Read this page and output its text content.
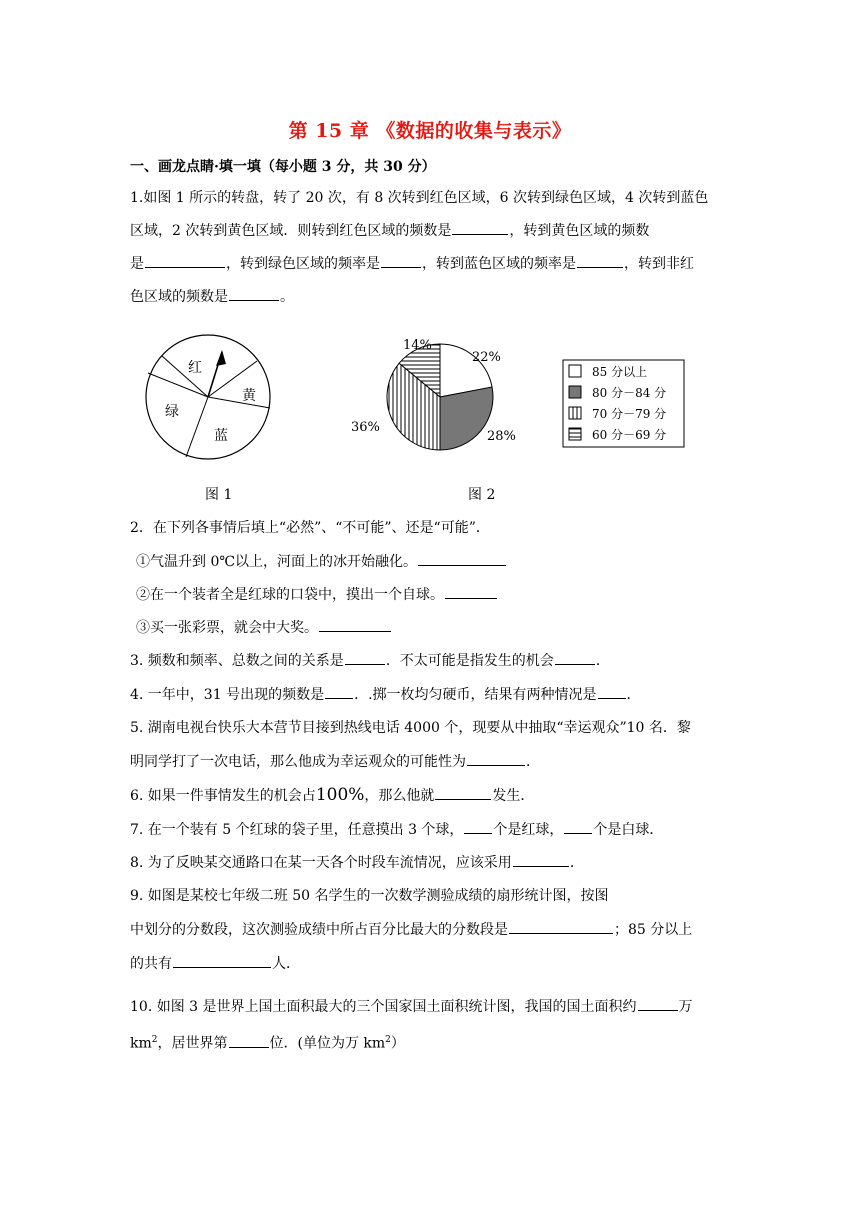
第 15 章 《数据的收集与表示》
一、画龙点睛·填一填（每小题 3 分，共 30 分）
1.如图 1 所示的转盘，转了 20 次，有 8 次转到红色区域，6 次转到绿色区域，4 次转到蓝色
区域，2 次转到黄色区域．则转到红色区域的频数是	，转到黄色区域的频数
是	，转到绿色区域的频率是	，转到蓝色区域的频率是	，转到非红
色区域的频数是	。
红
黄
绿
蓝
14%
22%
36%
28%
85 分以上
80 分－84 分
70 分－79 分
60 分－69 分
图 1	图 2
2．在下列各事情后填上“必然”、“不可能”、还是“可能”．
①气温升到 0℃以上，河面上的冰开始融化。
②在一个装者全是红球的口袋中，摸出一个自球。
③买一张彩票，就会中大奖。
3. 频数和频率、总数之间的关系是	．不太可能是指发生的机会	．
4. 一年中，31 号出现的频数是 ．.掷一枚均匀硬币，结果有两种情况是 ．
5. 湖南电视台快乐大本营节目接到热线电话 4000 个，现要从中抽取“幸运观众”10 名．黎
明同学打了一次电话，那么他成为幸运观众的可能性为	．
6. 如果一件事情发生的机会占100%，那么他就	发生．
7. 在一个装有 5 个红球的袋子里，任意摸出 3 个球， 个是红球， 个是白球．
8. 为了反映某交通路口在某一天各个时段车流情况，应该采用	．
9. 如图是某校七年级二班 50 名学生的一次数学测验成绩的扇形统计图，按图
中划分的分数段，这次测验成绩中所占百分比最大的分数段是	；85 分以上
的共有	人．
10. 如图 3 是世界上国土面积最大的三个国家国土面积统计图，我国的国土面积约	万
$km^2$，居世界第	位．(单位为万 $km^2$）
